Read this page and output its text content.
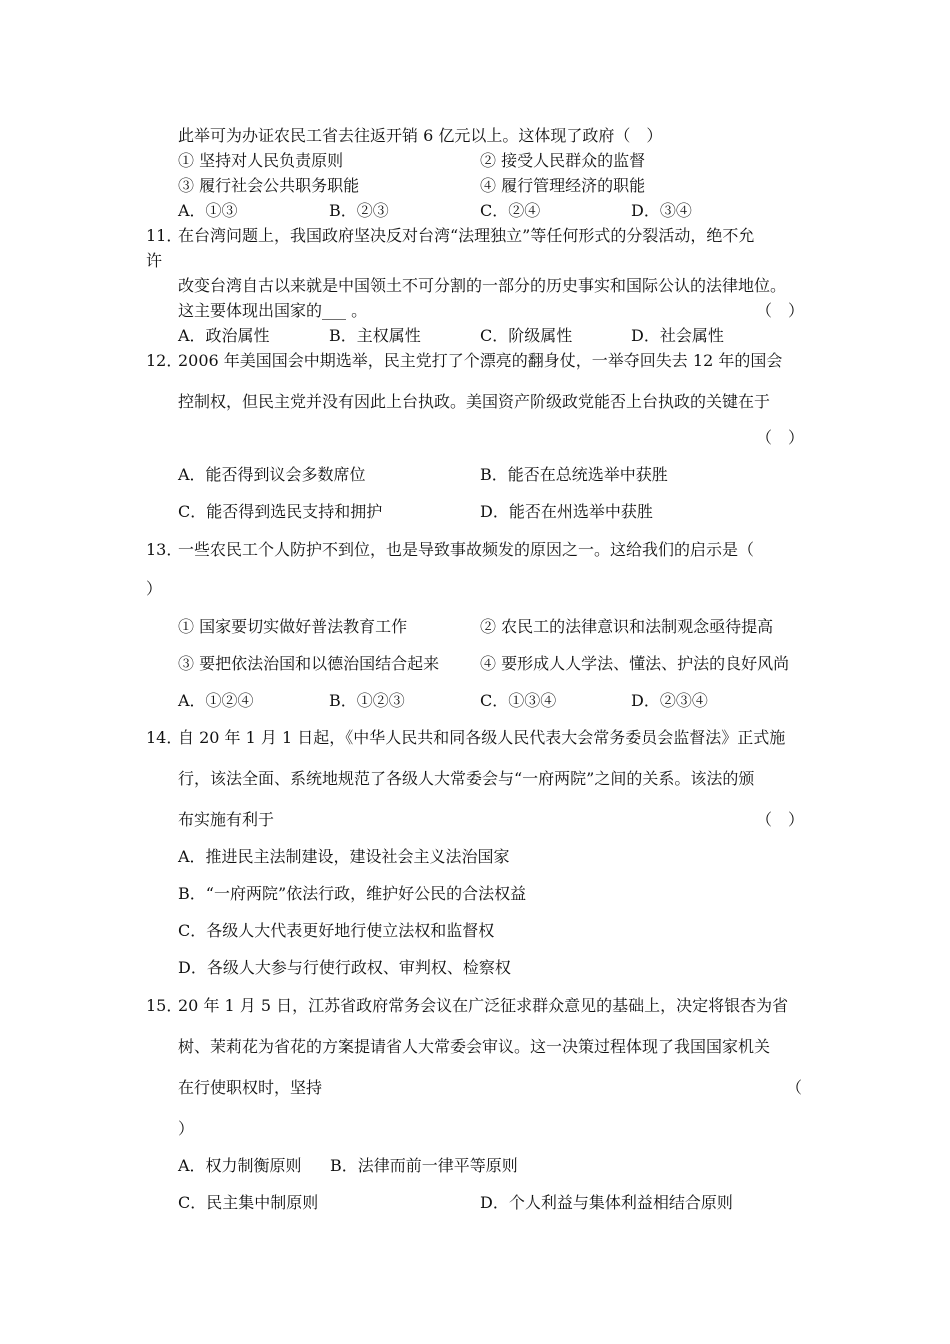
此举可为办证农民工省去往返开销 6 亿元以上。这体现了政府（　）
① 坚持对人民负责原则	② 接受人民群众的监督
③ 履行社会公共职务职能	④ 履行管理经济的职能
A．①③	B．②③	C．②④	D．③④
11．
在台湾问题上，我国政府坚决反对台湾“法理独立”等任何形式的分裂活动，绝不允
许
改变台湾自古以来就是中国领土不可分割的一部分的历史事实和国际公认的法律地位。
这主要体现出国家的___ 。	（　）
A．政治属性	B．主权属性	C．阶级属性	D．社会属性
12．
2006 年美国国会中期选举，民主党打了个漂亮的翻身仗，一举夺回失去 12 年的国会
控制权，但民主党并没有因此上台执政。美国资产阶级政党能否上台执政的关键在于
（　）
A．能否得到议会多数席位	B．能否在总统选举中获胜
C．能否得到选民支持和拥护	D．能否在州选举中获胜
13．
一些农民工个人防护不到位，也是导致事故频发的原因之一。这给我们的启示是（
）
① 国家要切实做好普法教育工作	② 农民工的法律意识和法制观念亟待提高
③ 要把依法治国和以德治国结合起来	④ 要形成人人学法、懂法、护法的良好风尚
A．①②④	B．①②③	C．①③④	D．②③④
14．
自 20 年 1 月 1 日起，《中华人民共和同各级人民代表大会常务委员会监督法》正式施
行，该法全面、系统地规范了各级人大常委会与“一府两院”之间的关系。该法的颁
布实施有利于	（　）
A．推进民主法制建设，建设社会主义法治国家
B．“一府两院”依法行政，维护好公民的合法权益
C．各级人大代表更好地行使立法权和监督权
D．各级人大参与行使行政权、审判权、检察权
15．
20 年 1 月 5 日，江苏省政府常务会议在广泛征求群众意见的基础上，决定将银杏为省
树、茉莉花为省花的方案提请省人大常委会审议。这一决策过程体现了我国国家机关
在行使职权时，坚持	（
）
A．权力制衡原则 B．法律而前一律平等原则
C．民主集中制原则	D．个人利益与集体利益相结合原则
